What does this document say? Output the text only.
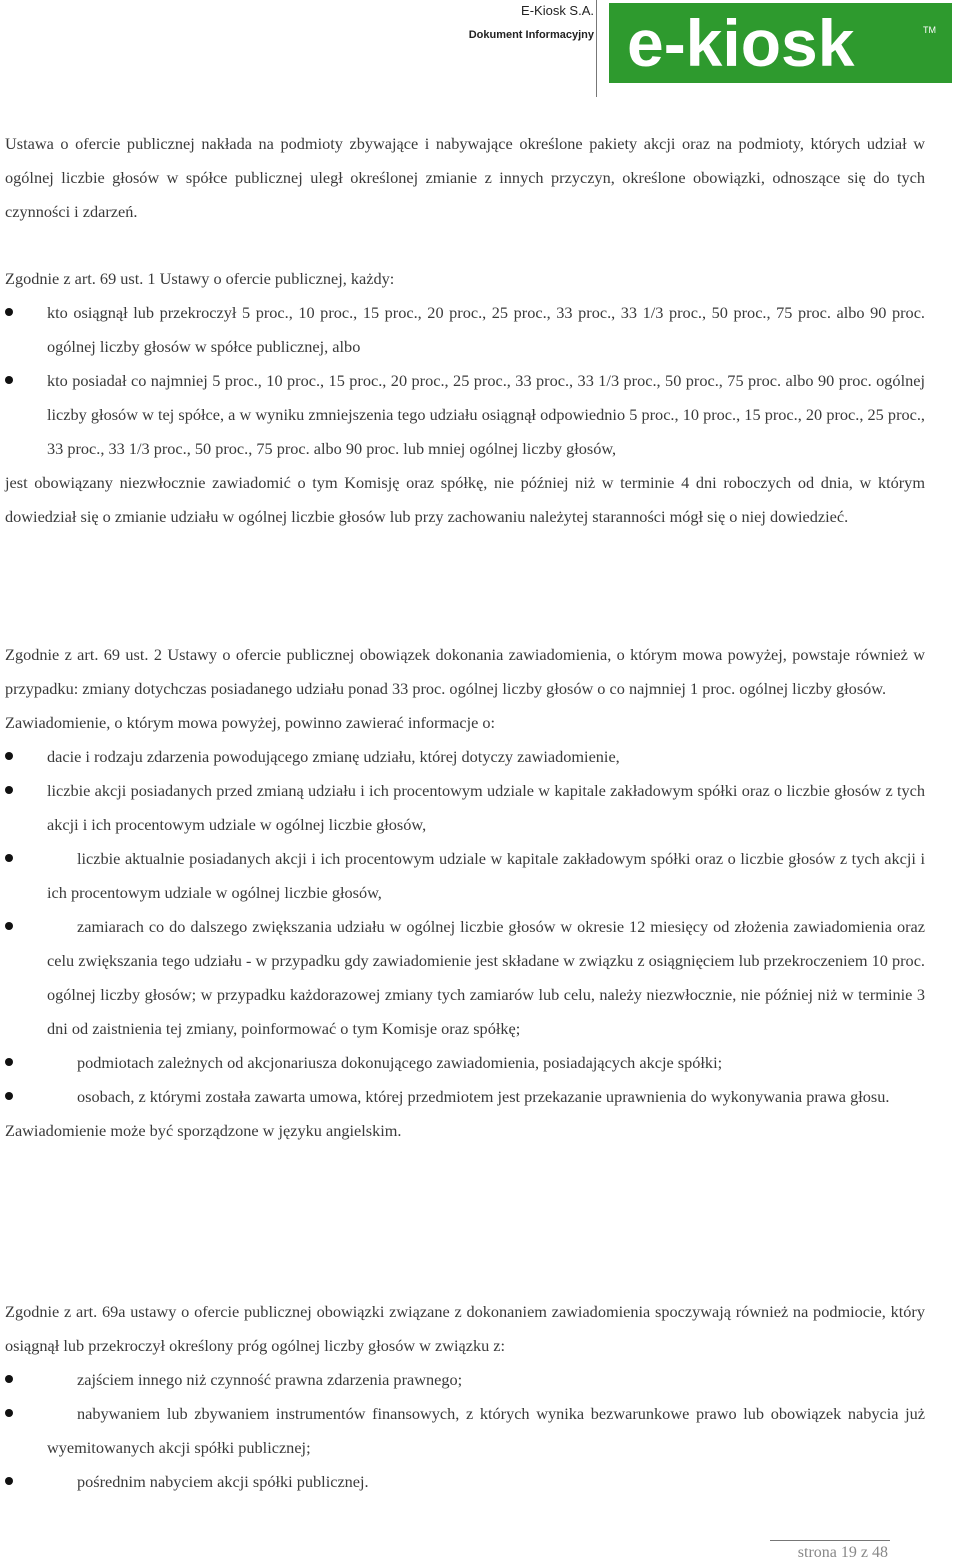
E-Kiosk S.A.
Dokument Informacyjny e-kiosk	TM

Ustawa o ofercie publicznej nakłada na podmioty zbywające i nabywające określone pakiety akcji oraz na podmioty, których udział w ogólnej liczbie głosów w spółce publicznej uległ określonej zmianie z innych przyczyn, określone obowiązki, odnoszące się do tych czynności i zdarzeń.

Zgodnie z art. 69 ust. 1 Ustawy o ofercie publicznej, każdy:

kto osiągnął lub przekroczył 5 proc., 10 proc., 15 proc., 20 proc., 25 proc., 33 proc., 33 1/3 proc., 50 proc., 75 proc. albo 90 proc. ogólnej liczby głosów w spółce publicznej, albo
kto posiadał co najmniej 5 proc., 10 proc., 15 proc., 20 proc., 25 proc., 33 proc., 33 1/3 proc., 50 proc., 75 proc. albo 90 proc. ogólnej liczby głosów w tej spółce, a w wyniku zmniejszenia tego udziału osiągnął odpowiednio 5 proc., 10 proc., 15 proc., 20 proc., 25 proc., 33 proc., 33 1/3 proc., 50 proc., 75 proc. albo 90 proc. lub mniej ogólnej liczby głosów,

jest obowiązany niezwłocznie zawiadomić o tym Komisję oraz spółkę, nie później niż w terminie 4 dni roboczych od dnia, w którym dowiedział się o zmianie udziału w ogólnej liczbie głosów lub przy zachowaniu należytej staranności mógł się o niej dowiedzieć.

Zgodnie z art. 69 ust. 2 Ustawy o ofercie publicznej obowiązek dokonania zawiadomienia, o którym mowa powyżej, powstaje również w przypadku: zmiany dotychczas posiadanego udziału ponad 33 proc. ogólnej liczby głosów o co najmniej 1 proc. ogólnej liczby głosów.

Zawiadomienie, o którym mowa powyżej, powinno zawierać informacje o:

dacie i rodzaju zdarzenia powodującego zmianę udziału, której dotyczy zawiadomienie,
liczbie akcji posiadanych przed zmianą udziału i ich procentowym udziale w kapitale zakładowym spółki oraz o liczbie głosów z tych akcji i ich procentowym udziale w ogólnej liczbie głosów,
liczbie aktualnie posiadanych akcji i ich procentowym udziale w kapitale zakładowym spółki oraz o liczbie głosów z tych akcji i ich procentowym udziale w ogólnej liczbie głosów,
zamiarach co do dalszego zwiększania udziału w ogólnej liczbie głosów w okresie 12 miesięcy od złożenia zawiadomienia oraz celu zwiększania tego udziału - w przypadku gdy zawiadomienie jest składane w związku z osiągnięciem lub przekroczeniem 10 proc. ogólnej liczby głosów; w przypadku każdorazowej zmiany tych zamiarów lub celu, należy niezwłocznie, nie później niż w terminie 3 dni od zaistnienia tej zmiany, poinformować o tym Komisje oraz spółkę;
podmiotach zależnych od akcjonariusza dokonującego zawiadomienia, posiadających akcje spółki;
osobach, z którymi została zawarta umowa, której przedmiotem jest przekazanie uprawnienia do wykonywania prawa głosu.

Zawiadomienie może być sporządzone w języku angielskim.

Zgodnie z art. 69a ustawy o ofercie publicznej obowiązki związane z dokonaniem zawiadomienia spoczywają również na podmiocie, który osiągnął lub przekroczył określony próg ogólnej liczby głosów w związku z:

zajściem innego niż czynność prawna zdarzenia prawnego;
nabywaniem lub zbywaniem instrumentów finansowych, z których wynika bezwarunkowe prawo lub obowiązek nabycia już wyemitowanych akcji spółki publicznej;
pośrednim nabyciem akcji spółki publicznej.
strona 19 z 48
